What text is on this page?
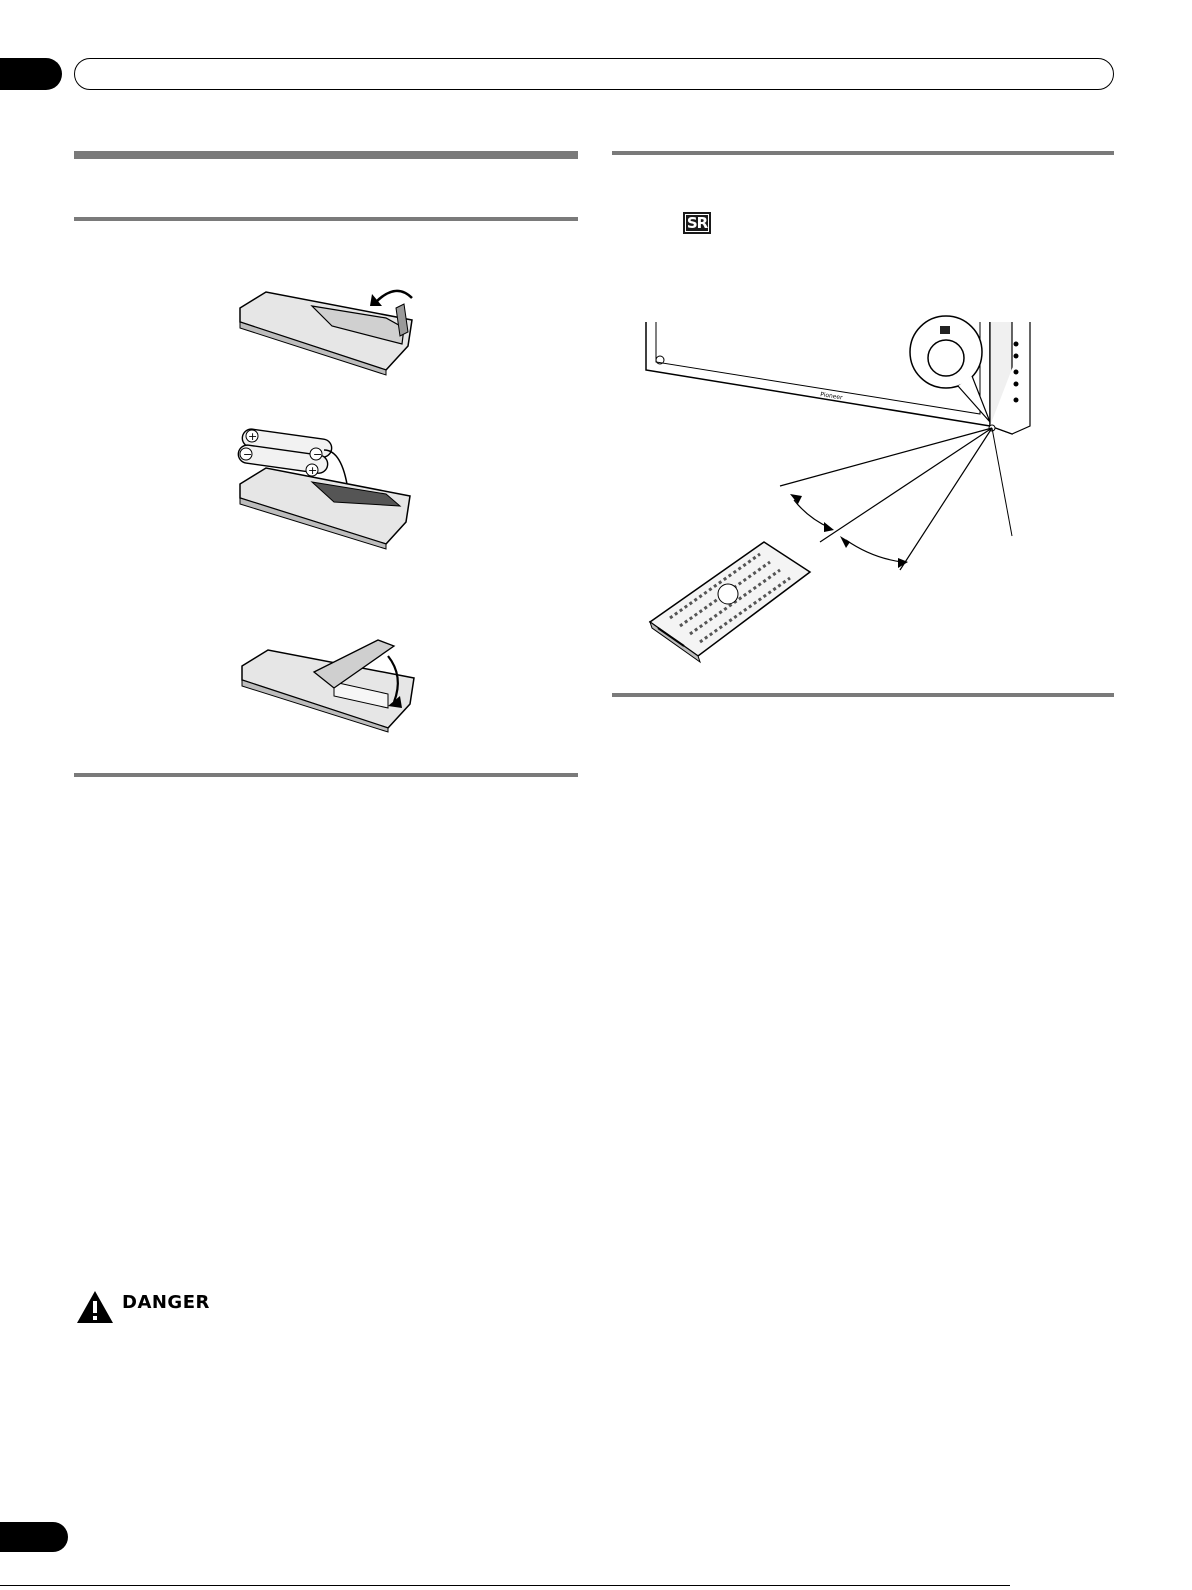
SR
+
−	−
+
Pioneer
DANGER
